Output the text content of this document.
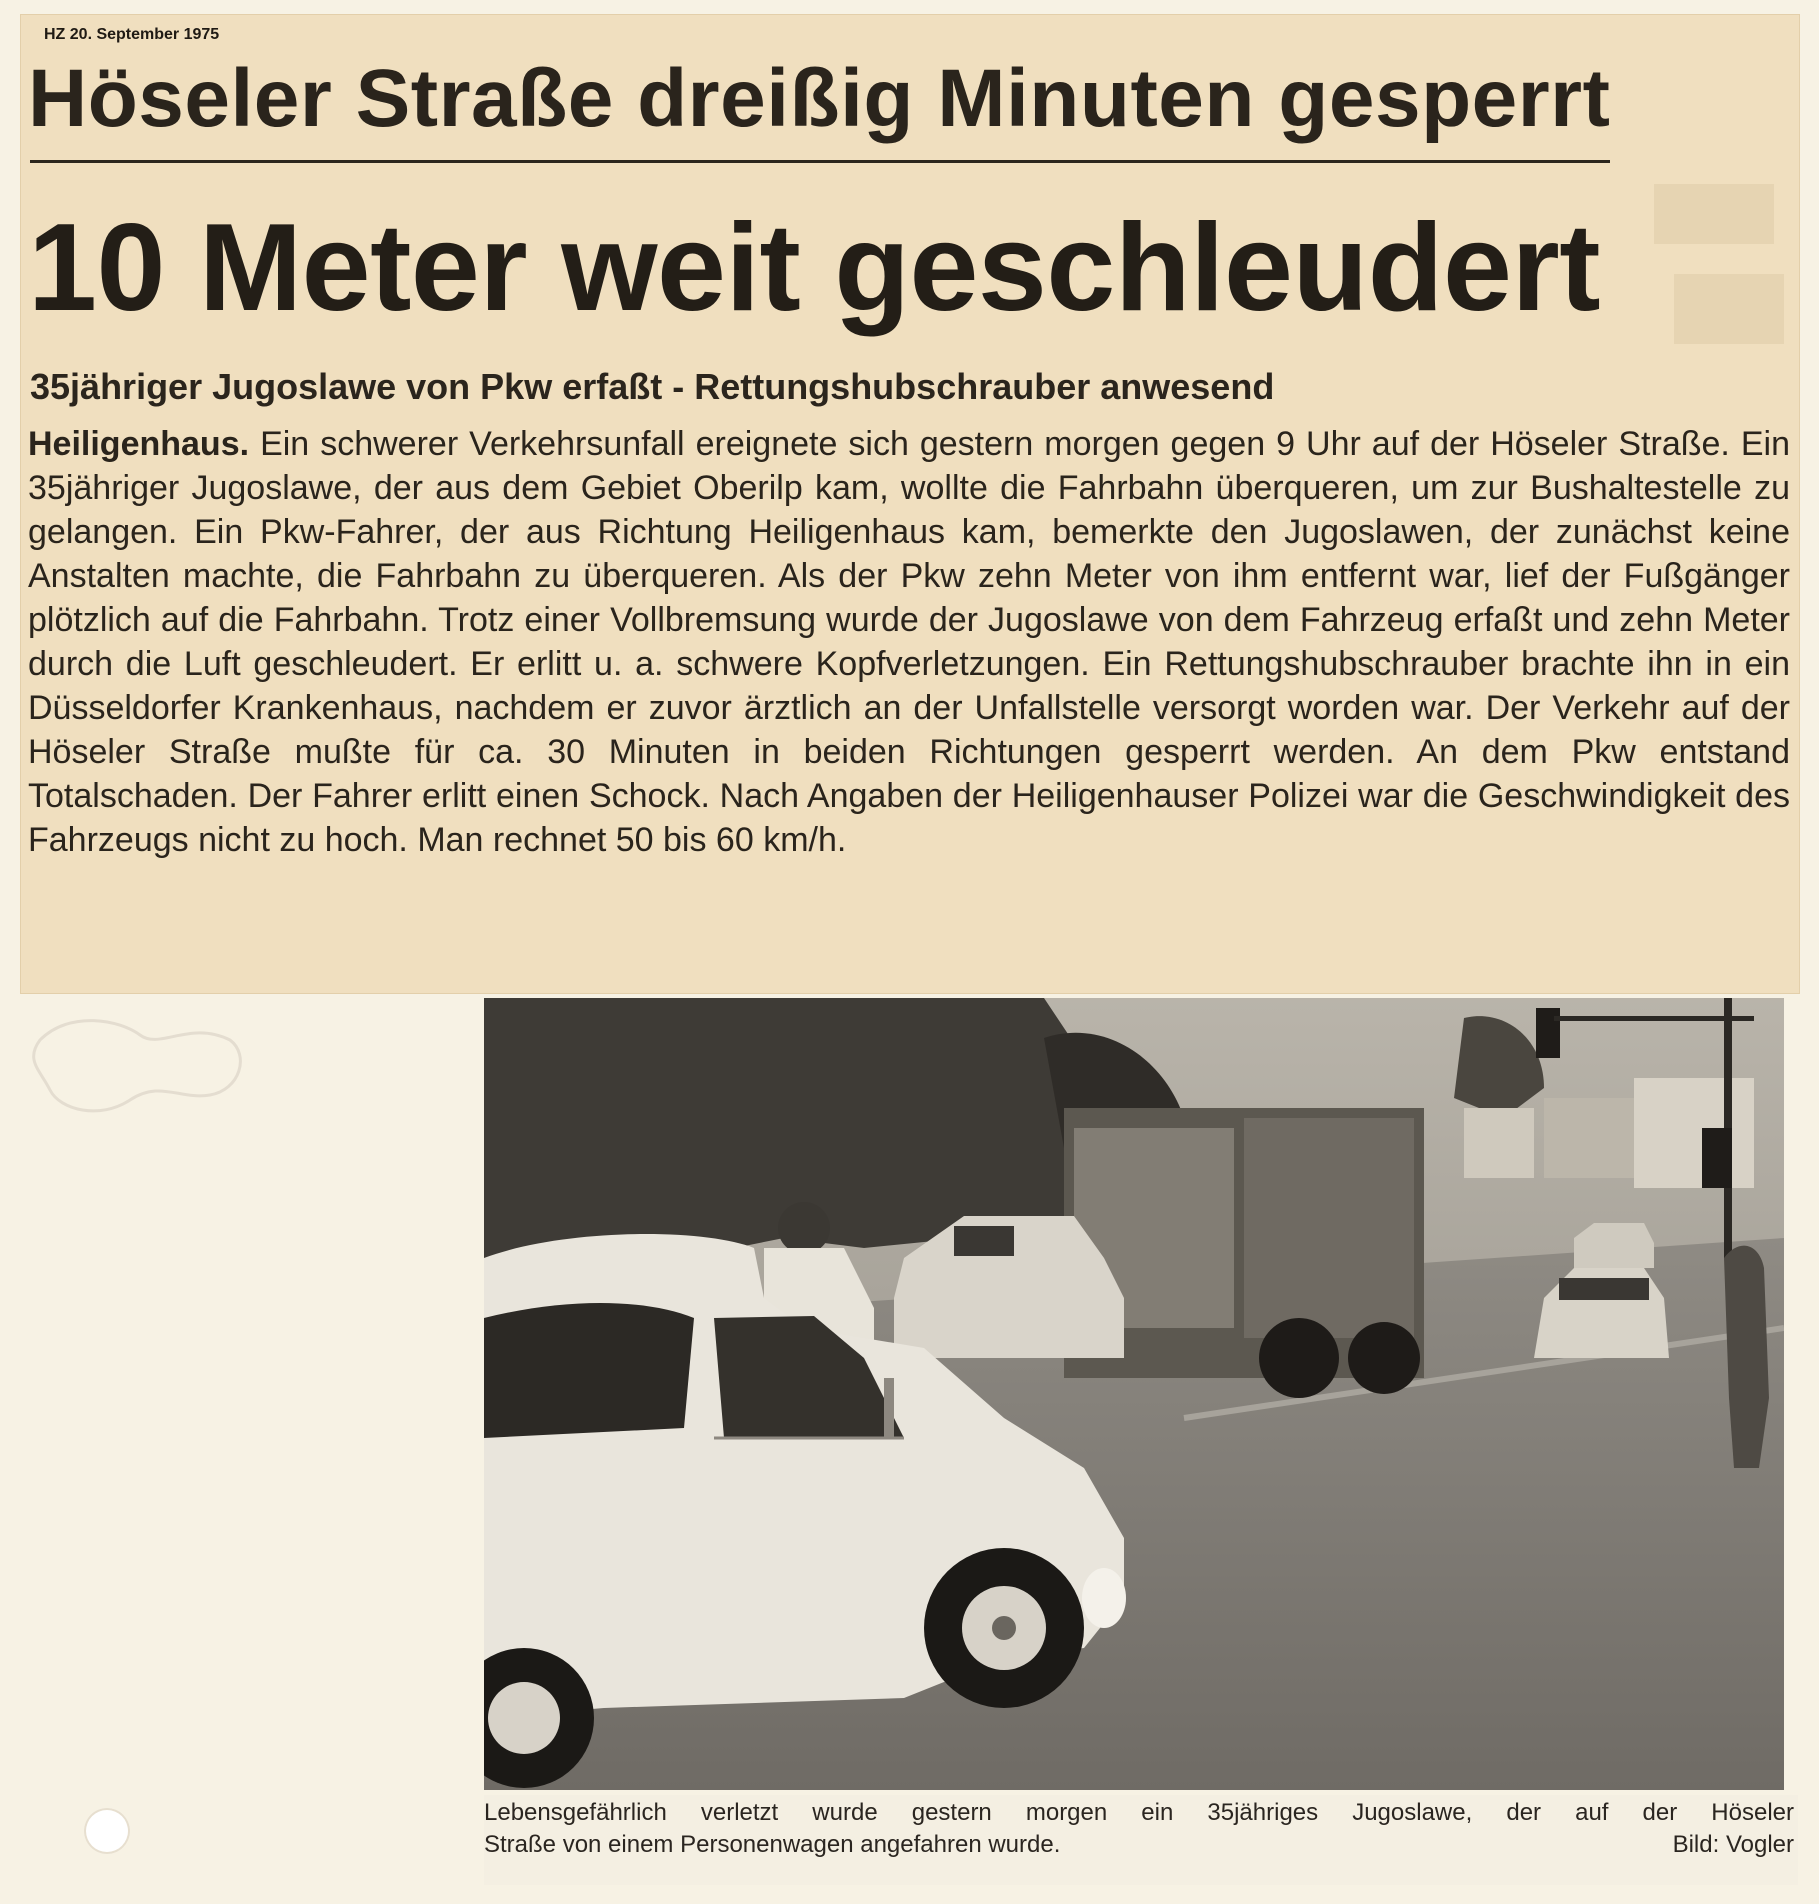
HZ 20. September 1975
Höseler Straße dreißig Minuten gesperrt
10 Meter weit geschleudert
35jähriger Jugoslawe von Pkw erfaßt - Rettungshubschrauber anwesend
Heiligenhaus. Ein schwerer Verkehrsunfall ereignete sich gestern morgen gegen 9 Uhr auf der Höseler Straße. Ein 35jähriger Jugoslawe, der aus dem Gebiet Oberilp kam, wollte die Fahrbahn überqueren, um zur Bushaltestelle zu gelangen. Ein Pkw-Fahrer, der aus Richtung Heiligenhaus kam, bemerkte den Jugoslawen, der zunächst keine Anstalten machte, die Fahrbahn zu überqueren. Als der Pkw zehn Meter von ihm entfernt war, lief der Fußgänger plötzlich auf die Fahrbahn. Trotz einer Vollbremsung wurde der Jugoslawe von dem Fahrzeug erfaßt und zehn Meter durch die Luft geschleudert. Er erlitt u. a. schwere Kopfverletzungen. Ein Rettungshubschrauber brachte ihn in ein Düsseldorfer Krankenhaus, nachdem er zuvor ärztlich an der Unfallstelle versorgt worden war. Der Verkehr auf der Höseler Straße mußte für ca. 30 Minuten in beiden Richtungen gesperrt werden. An dem Pkw entstand Totalschaden. Der Fahrer erlitt einen Schock. Nach Angaben der Heiligenhauser Polizei war die Geschwindigkeit des Fahrzeugs nicht zu hoch. Man rechnet 50 bis 60 km/h.
Lebensgefährlich verletzt wurde gestern morgen ein 35jähriges Jugoslawe, der auf der Höseler
Straße von einem Personenwagen angefahren wurde.	Bild: Vogler
